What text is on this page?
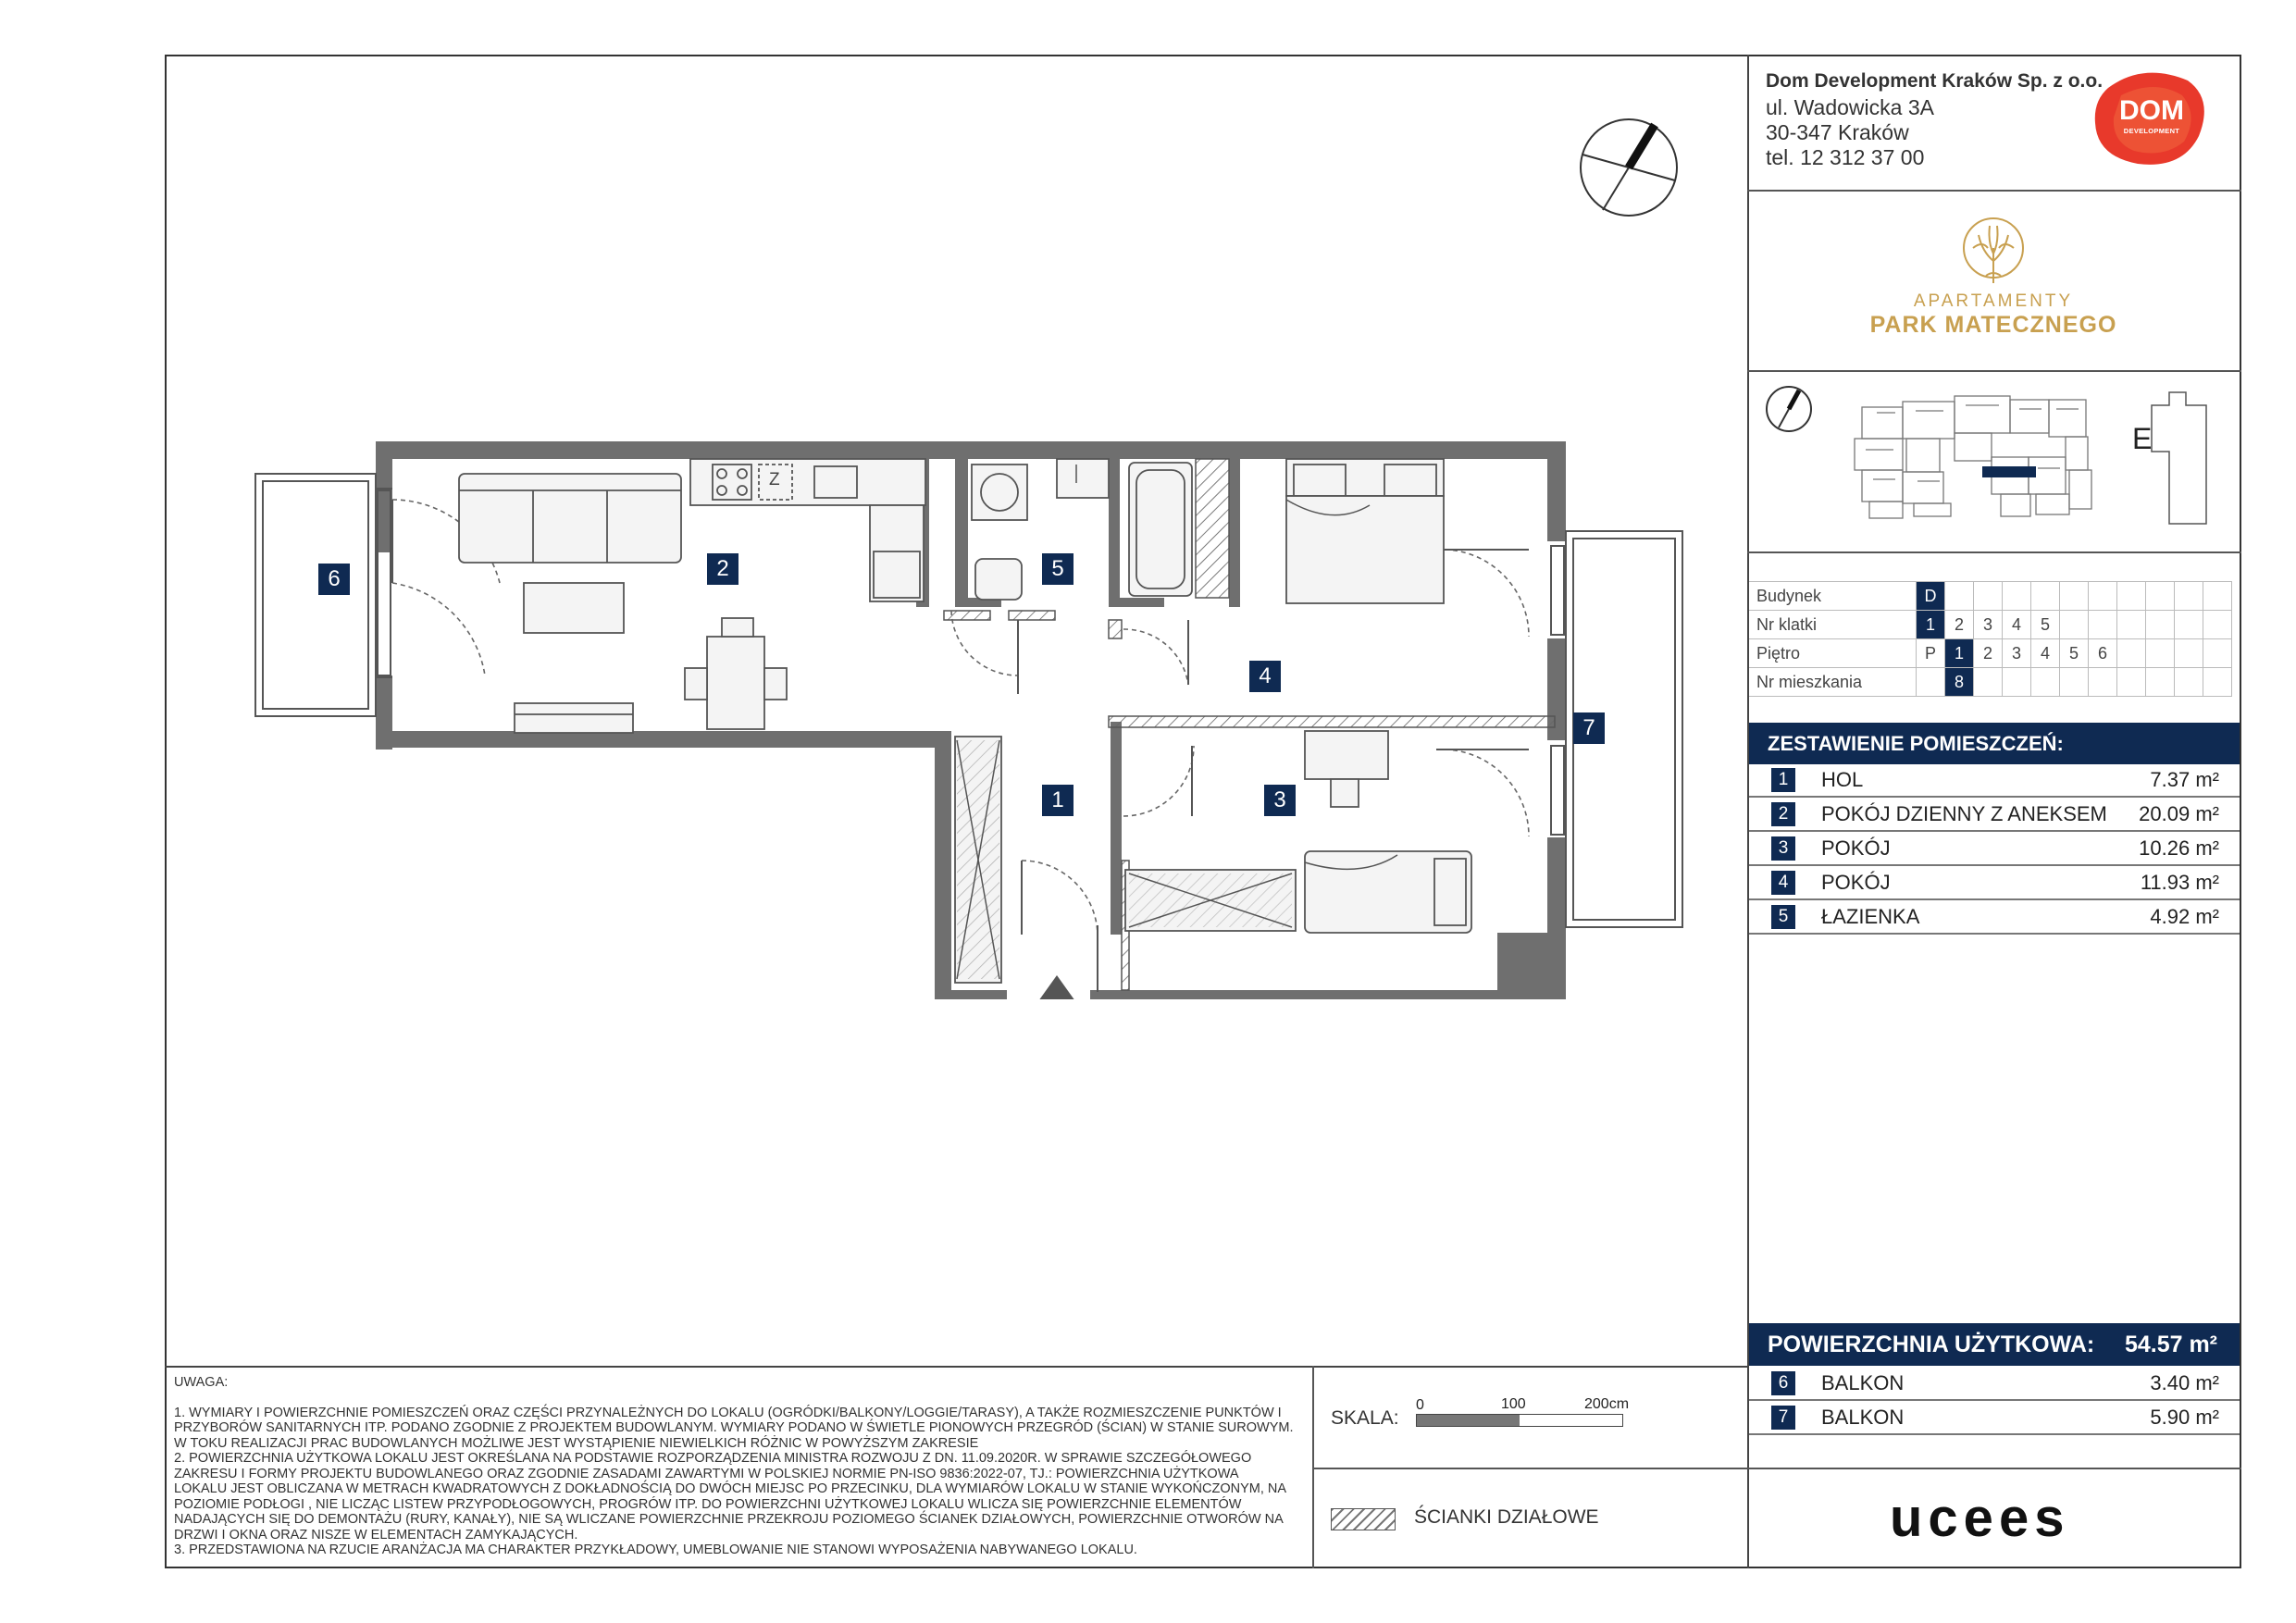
Dom Development Kraków Sp. z o.o.
ul. Wadowicka 3A
30-347 Kraków
tel. 12 312 37 00
DOM
DEVELOPMENT
APARTAMENTY
PARK MATECZNEGO
E
Budynek	D										
Nr klatki	1	2	3	4	5						
Piętro	P	1	2	3	4	5	6				
Nr mieszkania		8									
ZESTAWIENIE POMIESZCZEŃ:
1	HOL	7.37 m²
2	POKÓJ DZIENNY Z ANEKSEM	20.09 m²
3	POKÓJ	10.26 m²
4	POKÓJ	11.93 m²
5	ŁAZIENKA	4.92 m²
POWIERZCHNIA UŻYTKOWA:	54.57 m²
6	BALKON	3.40 m²
7	BALKON	5.90 m²
Z
1
2
3
4
5
6
7
UWAGA:
1. WYMIARY I POWIERZCHNIE POMIESZCZEŃ ORAZ CZĘŚCI PRZYNALEŻNYCH DO LOKALU (OGRÓDKI/BALKONY/LOGGIE/TARASY), A TAKŻE ROZMIESZCZENIE PUNKTÓW I PRZYBORÓW SANITARNYCH ITP. PODANO ZGODNIE Z PROJEKTEM BUDOWLANYM. WYMIARY PODANO W ŚWIETLE PIONOWYCH PRZEGRÓD (ŚCIAN) W STANIE SUROWYM. W TOKU REALIZACJI PRAC BUDOWLANYCH MOŻLIWE JEST WYSTĄPIENIE NIEWIELKICH RÓŻNIC W POWYŻSZYM ZAKRESIE
2. POWIERZCHNIA UŻYTKOWA LOKALU JEST OKREŚLANA NA PODSTAWIE ROZPORZĄDZENIA MINISTRA ROZWOJU Z DN. 11.09.2020R. W SPRAWIE SZCZEGÓŁOWEGO ZAKRESU I FORMY PROJEKTU BUDOWLANEGO ORAZ ZGODNIE ZASADAMI ZAWARTYMI W POLSKIEJ NORMIE PN-ISO 9836:2022-07, TJ.: POWIERZCHNIA UŻYTKOWA LOKALU JEST OBLICZANA W METRACH KWADRATOWYCH Z DOKŁADNOŚCIĄ DO DWÓCH MIEJSC PO PRZECINKU, DLA WYMIARÓW LOKALU W STANIE WYKOŃCZONYM, NA POZIOMIE PODŁOGI , NIE LICZĄC LISTEW PRZYPODŁOGOWYCH, PROGRÓW ITP. DO POWIERZCHNI UŻYTKOWEJ LOKALU WLICZA SIĘ POWIERZCHNIE ELEMENTÓW NADAJĄCYCH SIĘ DO DEMONTAŻU (RURY, KANAŁY), NIE SĄ WLICZANE POWIERZCHNIE PRZEKROJU POZIOMEGO ŚCIANEK DZIAŁOWYCH, POWIERZCHNIE OTWORÓW NA DRZWI I OKNA ORAZ NISZE W ELEMENTACH ZAMYKAJĄCYCH.
3. PRZEDSTAWIONA NA RZUCIE ARANŻACJA MA CHARAKTER PRZYKŁADOWY, UMEBLOWANIE NIE STANOWI WYPOSAŻENIA NABYWANEGO LOKALU.
SKALA:
0	100	200cm
ŚCIANKI DZIAŁOWE	ucees
